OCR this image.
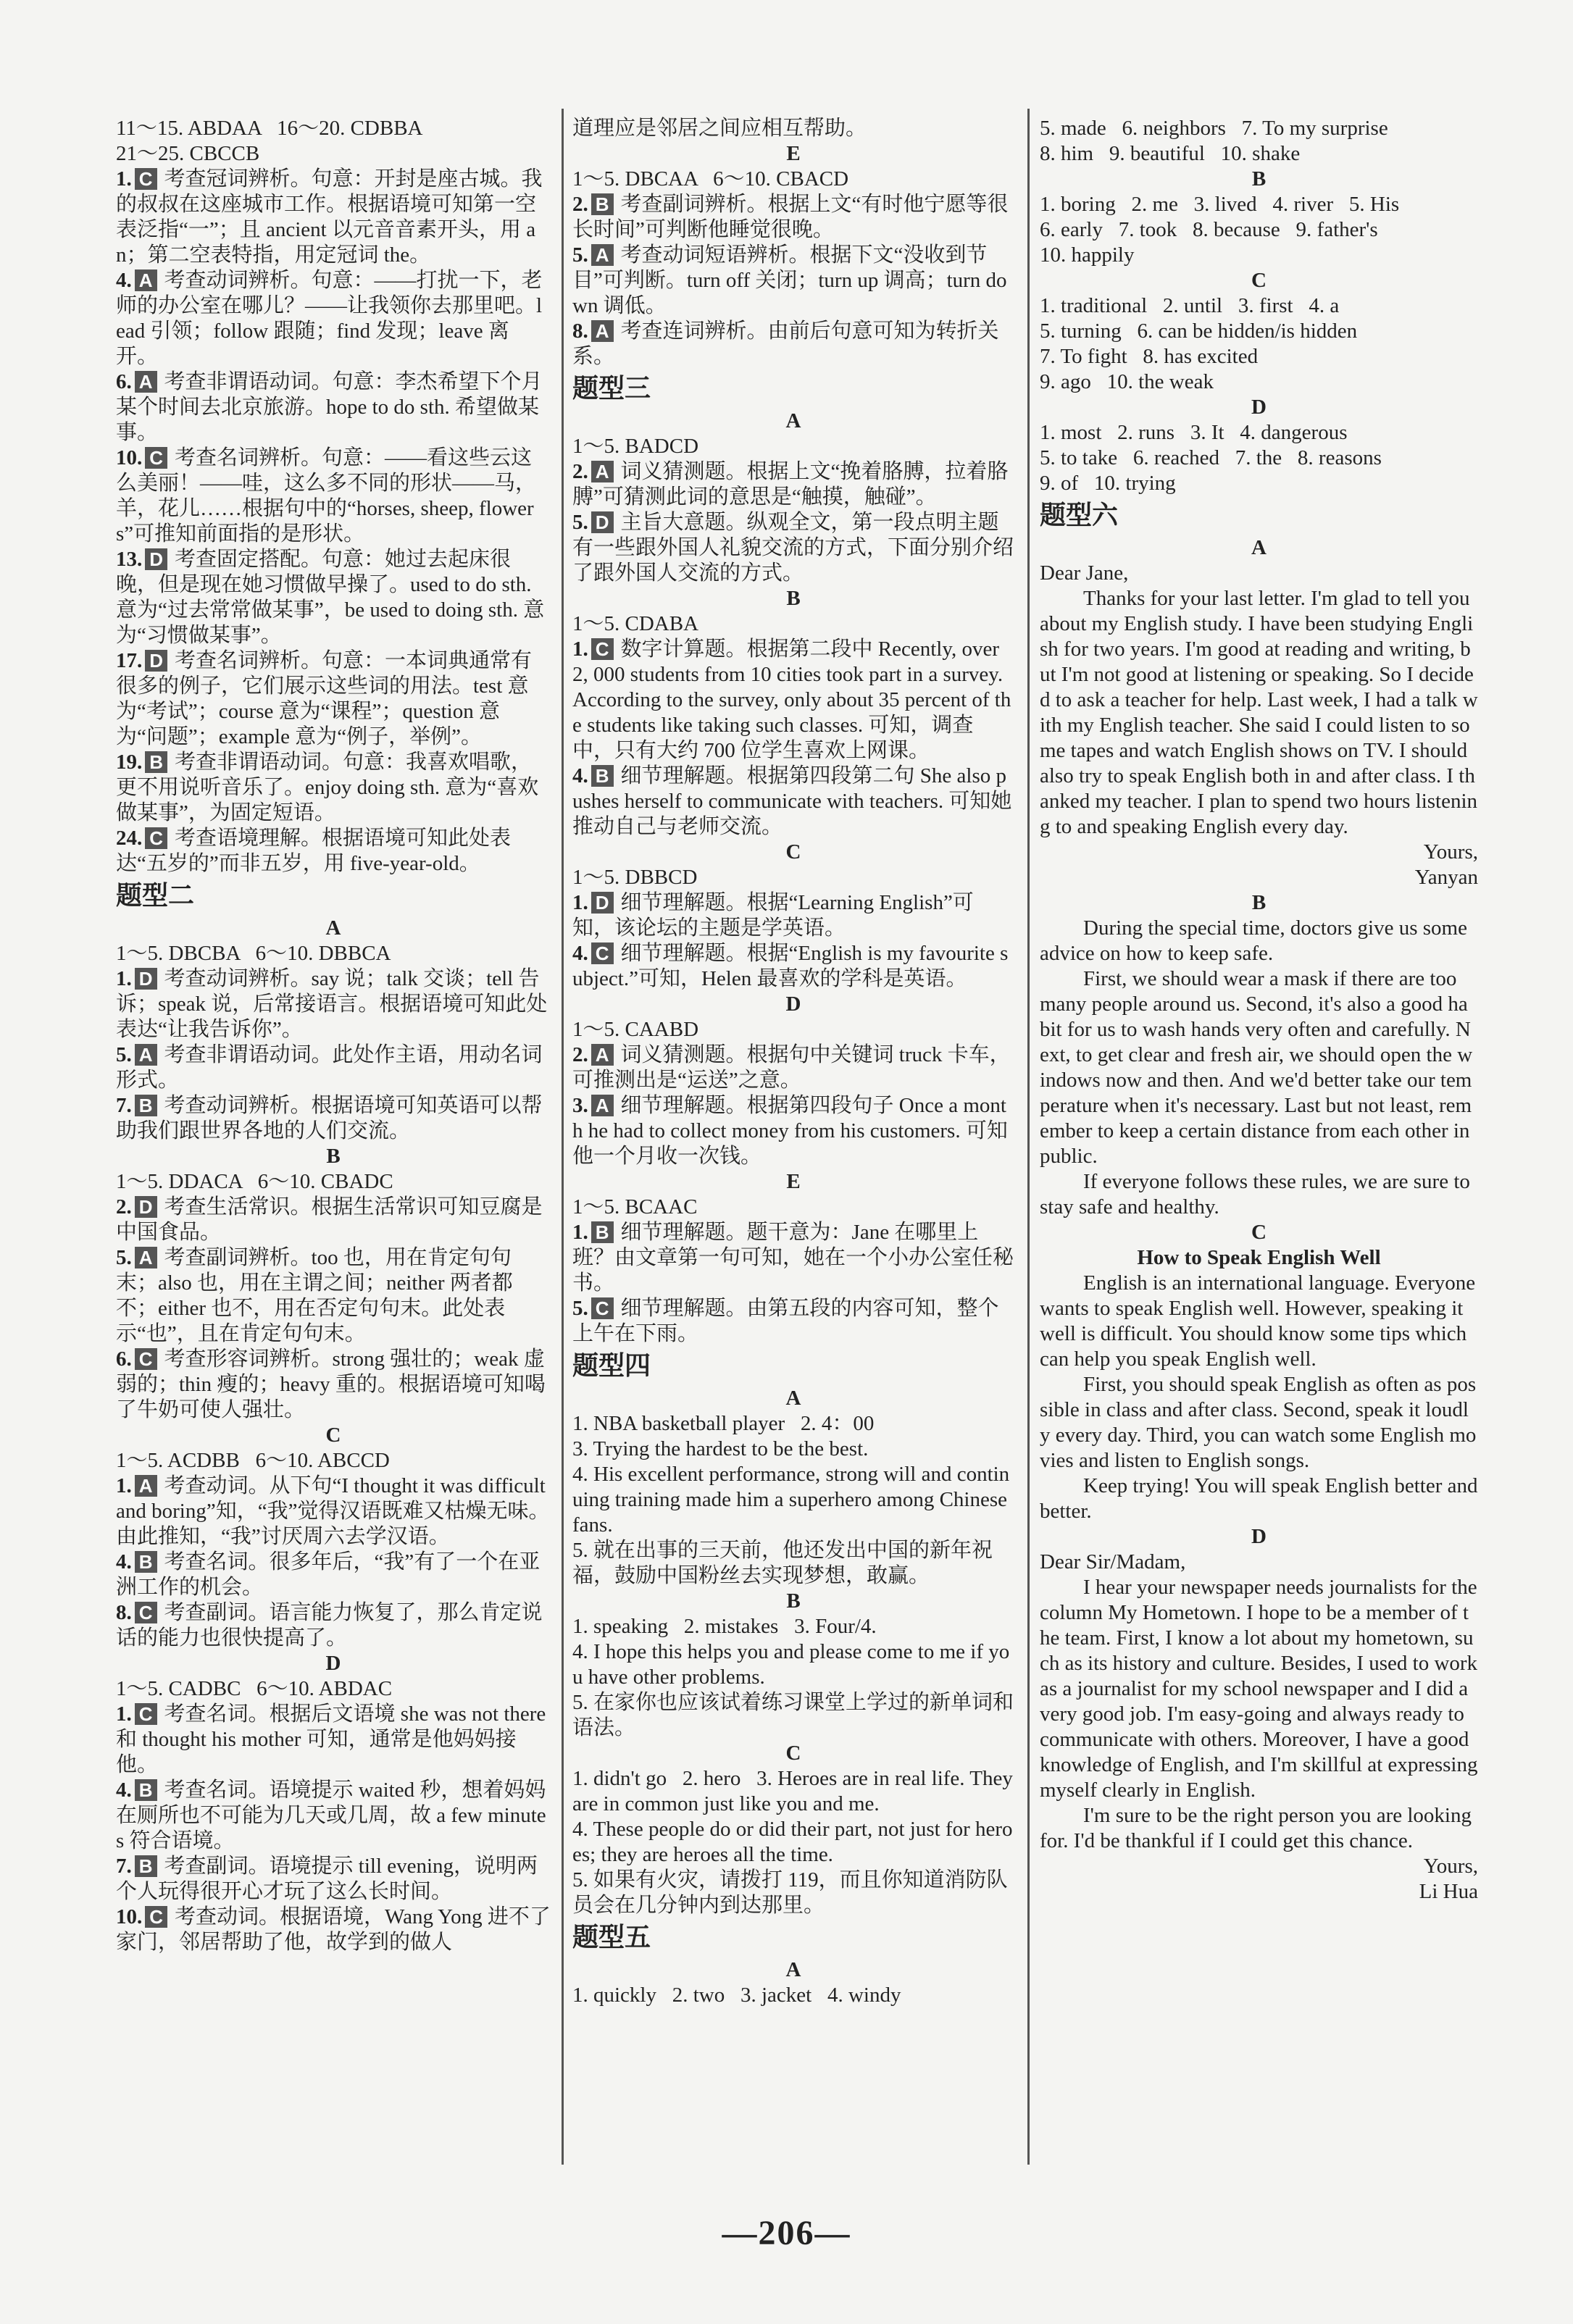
11～15. ABDAA   16～20. CDBBA
21～25. CBCCB
1. C 考查冠词辨析。句意：开封是座古城。我的叔叔在这座城市工作。根据语境可知第一空表泛指“一”；且 ancient 以元音音素开头，用 an；第二空表特指，用定冠词 the。
4. A 考查动词辨析。句意：——打扰一下，老师的办公室在哪儿？——让我领你去那里吧。lead 引领；follow 跟随；find 发现；leave 离开。
6. A 考查非谓语动词。句意：李杰希望下个月某个时间去北京旅游。hope to do sth. 希望做某事。
10. C 考查名词辨析。句意：——看这些云这么美丽！——哇，这么多不同的形状——马，羊，花儿……根据句中的“horses, sheep, flowers”可推知前面指的是形状。
13. D 考查固定搭配。句意：她过去起床很晚，但是现在她习惯做早操了。used to do sth. 意为“过去常常做某事”，be used to doing sth. 意为“习惯做某事”。
17. D 考查名词辨析。句意：一本词典通常有很多的例子，它们展示这些词的用法。test 意为“考试”；course 意为“课程”；question 意为“问题”；example 意为“例子，举例”。
19. B 考查非谓语动词。句意：我喜欢唱歌，更不用说听音乐了。enjoy doing sth. 意为“喜欢做某事”，为固定短语。
24. C 考查语境理解。根据语境可知此处表达“五岁的”而非五岁，用 five-year-old。
题型二
A
1～5. DBCBA   6～10. DBBCA
1. D 考查动词辨析。say 说；talk 交谈；tell 告诉；speak 说，后常接语言。根据语境可知此处表达“让我告诉你”。
5. A 考查非谓语动词。此处作主语，用动名词形式。
7. B 考查动词辨析。根据语境可知英语可以帮助我们跟世界各地的人们交流。
B
1～5. DDACA   6～10. CBADC
2. D 考查生活常识。根据生活常识可知豆腐是中国食品。
5. A 考查副词辨析。too 也，用在肯定句句末；also 也，用在主谓之间；neither 两者都不；either 也不，用在否定句句末。此处表示“也”，且在肯定句句末。
6. C 考查形容词辨析。strong 强壮的；weak 虚弱的；thin 瘦的；heavy 重的。根据语境可知喝了牛奶可使人强壮。
C
1～5. ACDBB   6～10. ABCCD
1. A 考查动词。从下句“I thought it was difficult and boring”知，“我”觉得汉语既难又枯燥无味。由此推知，“我”讨厌周六去学汉语。
4. B 考查名词。很多年后，“我”有了一个在亚洲工作的机会。
8. C 考查副词。语言能力恢复了，那么肯定说话的能力也很快提高了。
D
1～5. CADBC   6～10. ABDAC
1. C 考查名词。根据后文语境 she was not there 和 thought his mother 可知，通常是他妈妈接他。
4. B 考查名词。语境提示 waited 秒，想着妈妈在厕所也不可能为几天或几周，故 a few minutes 符合语境。
7. B 考查副词。语境提示 till evening，说明两个人玩得很开心才玩了这么长时间。
10. C 考查动词。根据语境，Wang Yong 进不了家门，邻居帮助了他，故学到的做人
道理应是邻居之间应相互帮助。
E
1～5. DBCAA   6～10. CBACD
2. B 考查副词辨析。根据上文“有时他宁愿等很长时间”可判断他睡觉很晚。
5. A 考查动词短语辨析。根据下文“没收到节目”可判断。turn off 关闭；turn up 调高；turn down 调低。
8. A 考查连词辨析。由前后句意可知为转折关系。
题型三
A
1～5. BADCD
2. A 词义猜测题。根据上文“挽着胳膊，拉着胳膊”可猜测此词的意思是“触摸，触碰”。
5. D 主旨大意题。纵观全文，第一段点明主题有一些跟外国人礼貌交流的方式，下面分别介绍了跟外国人交流的方式。
B
1～5. CDABA
1. C 数字计算题。根据第二段中 Recently, over 2, 000 students from 10 cities took part in a survey. According to the survey, only about 35 percent of the students like taking such classes. 可知，调查中，只有大约 700 位学生喜欢上网课。
4. B 细节理解题。根据第四段第二句 She also pushes herself to communicate with teachers. 可知她推动自己与老师交流。
C
1～5. DBBCD
1. D 细节理解题。根据“Learning English”可知，该论坛的主题是学英语。
4. C 细节理解题。根据“English is my favourite subject.”可知，Helen 最喜欢的学科是英语。
D
1～5. CAABD
2. A 词义猜测题。根据句中关键词 truck 卡车，可推测出是“运送”之意。
3. A 细节理解题。根据第四段句子 Once a month he had to collect money from his customers. 可知他一个月收一次钱。
E
1～5. BCAAC
1. B 细节理解题。题干意为：Jane 在哪里上班？由文章第一句可知，她在一个小办公室任秘书。
5. C 细节理解题。由第五段的内容可知，整个上午在下雨。
题型四
A
1. NBA basketball player   2. 4：00
3. Trying the hardest to be the best.
4. His excellent performance, strong will and continuing training made him a superhero among Chinese fans.
5. 就在出事的三天前，他还发出中国的新年祝福，鼓励中国粉丝去实现梦想，敢赢。
B
1. speaking   2. mistakes   3. Four/4.
4. I hope this helps you and please come to me if you have other problems.
5. 在家你也应该试着练习课堂上学过的新单词和语法。
C
1. didn't go   2. hero   3. Heroes are in real life. They are in common just like you and me.
4. These people do or did their part, not just for heroes; they are heroes all the time.
5. 如果有火灾，请拨打 119，而且你知道消防队员会在几分钟内到达那里。
题型五
A
1. quickly   2. two   3. jacket   4. windy
5. made   6. neighbors   7. To my surprise
8. him   9. beautiful   10. shake
B
1. boring   2. me   3. lived   4. river   5. His
6. early   7. took   8. because   9. father's
10. happily
C
1. traditional   2. until   3. first   4. a
5. turning   6. can be hidden/is hidden
7. To fight   8. has excited
9. ago   10. the weak
D
1. most   2. runs   3. It   4. dangerous
5. to take   6. reached   7. the   8. reasons
9. of   10. trying
题型六
A
Dear Jane,
Thanks for your last letter. I'm glad to tell you about my English study. I have been studying English for two years. I'm good at reading and writing, but I'm not good at listening or speaking. So I decided to ask a teacher for help. Last week, I had a talk with my English teacher. She said I could listen to some tapes and watch English shows on TV. I should also try to speak English both in and after class. I thanked my teacher. I plan to spend two hours listening to and speaking English every day.
Yours,
Yanyan
B
During the special time, doctors give us some advice on how to keep safe.
First, we should wear a mask if there are too many people around us. Second, it's also a good habit for us to wash hands very often and carefully. Next, to get clear and fresh air, we should open the windows now and then. And we'd better take our temperature when it's necessary. Last but not least, remember to keep a certain distance from each other in public.
If everyone follows these rules, we are sure to stay safe and healthy.
C
How to Speak English Well
English is an international language. Everyone wants to speak English well. However, speaking it well is difficult. You should know some tips which can help you speak English well.
First, you should speak English as often as possible in class and after class. Second, speak it loudly every day. Third, you can watch some English movies and listen to English songs.
Keep trying! You will speak English better and better.
D
Dear Sir/Madam,
I hear your newspaper needs journalists for the column My Hometown. I hope to be a member of the team. First, I know a lot about my hometown, such as its history and culture. Besides, I used to work as a journalist for my school newspaper and I did a very good job. I'm easy-going and always ready to communicate with others. Moreover, I have a good knowledge of English, and I'm skillful at expressing myself clearly in English.
I'm sure to be the right person you are looking for. I'd be thankful if I could get this chance.
Yours,
Li Hua
—206—
